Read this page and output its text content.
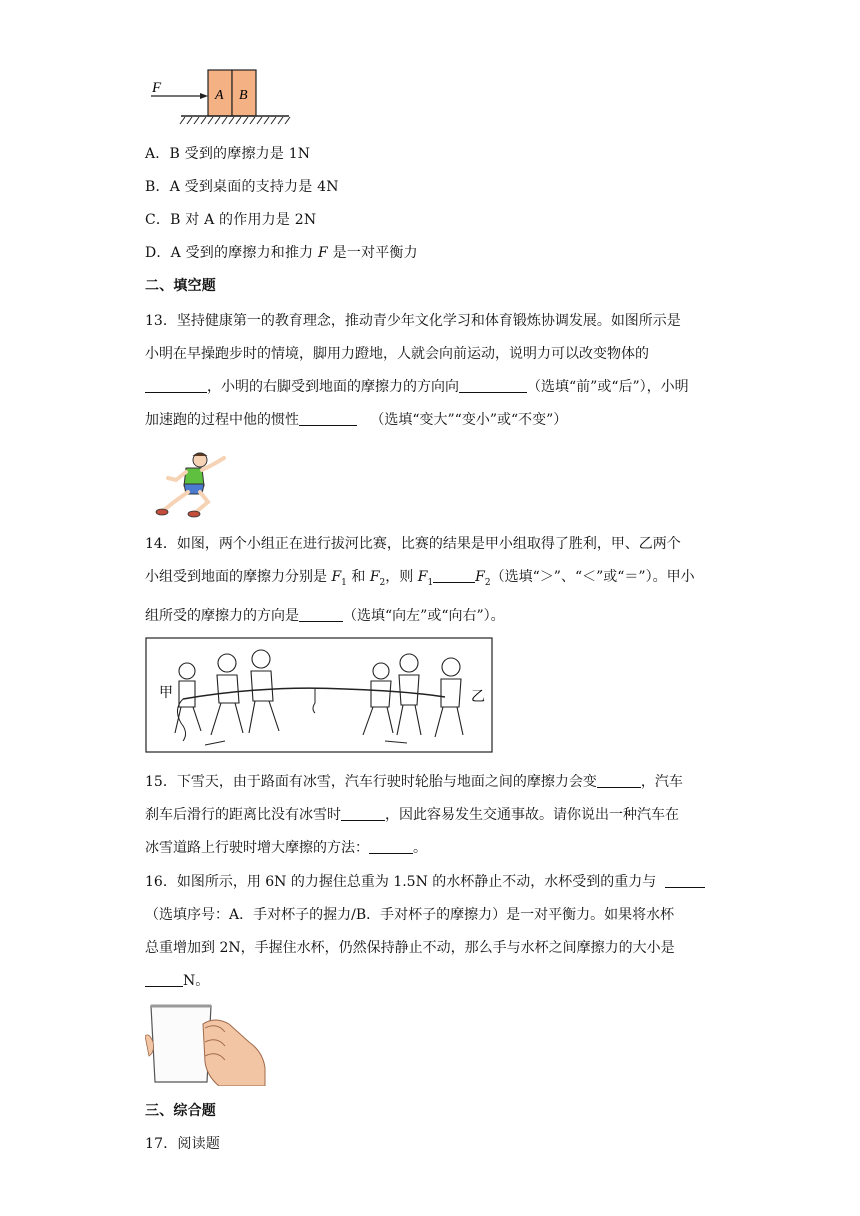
F	A B
A．B 受到的摩擦力是 1N
B．A 受到桌面的支持力是 4N
C．B 对 A 的作用力是 2N
D．A 受到的摩擦力和推力 F 是一对平衡力
二、填空题

13．坚持健康第一的教育理念，推动青少年文化学习和体育锻炼协调发展。如图所示是

小明在早操跑步时的情境，脚用力蹬地，人就会向前运动，说明力可以改变物体的

，小明的右脚受到地面的摩擦力的方向向	（选填“前”或“后”），小明

加速跑的过程中他的惯性	（选填“变大”“变小”或“不变”）

14．如图，两个小组正在进行拔河比赛，比赛的结果是甲小组取得了胜利，甲、乙两个

小组受到地面的摩擦力分别是 $F_1$ 和 $F_2$，则 $F_1$	$F_2$（选填“＞”、“＜”或“＝”）。甲小

组所受的摩擦力的方向是	（选填“向左”或“向右”）。

甲	乙

15．下雪天，由于路面有冰雪，汽车行驶时轮胎与地面之间的摩擦力会变	，汽车

刹车后滑行的距离比没有冰雪时	，因此容易发生交通事故。请你说出一种汽车在

冰雪道路上行驶时增大摩擦的方法：	。

16．如图所示，用 6N 的力握住总重为 1.5N 的水杯静止不动，水杯受到的重力与

（选填序号：A．手对杯子的握力/B．手对杯子的摩擦力）是一对平衡力。如果将水杯

总重增加到 2N，手握住水杯，仍然保持静止不动，那么手与水杯之间摩擦力的大小是

N。

三、综合题
17．阅读题
